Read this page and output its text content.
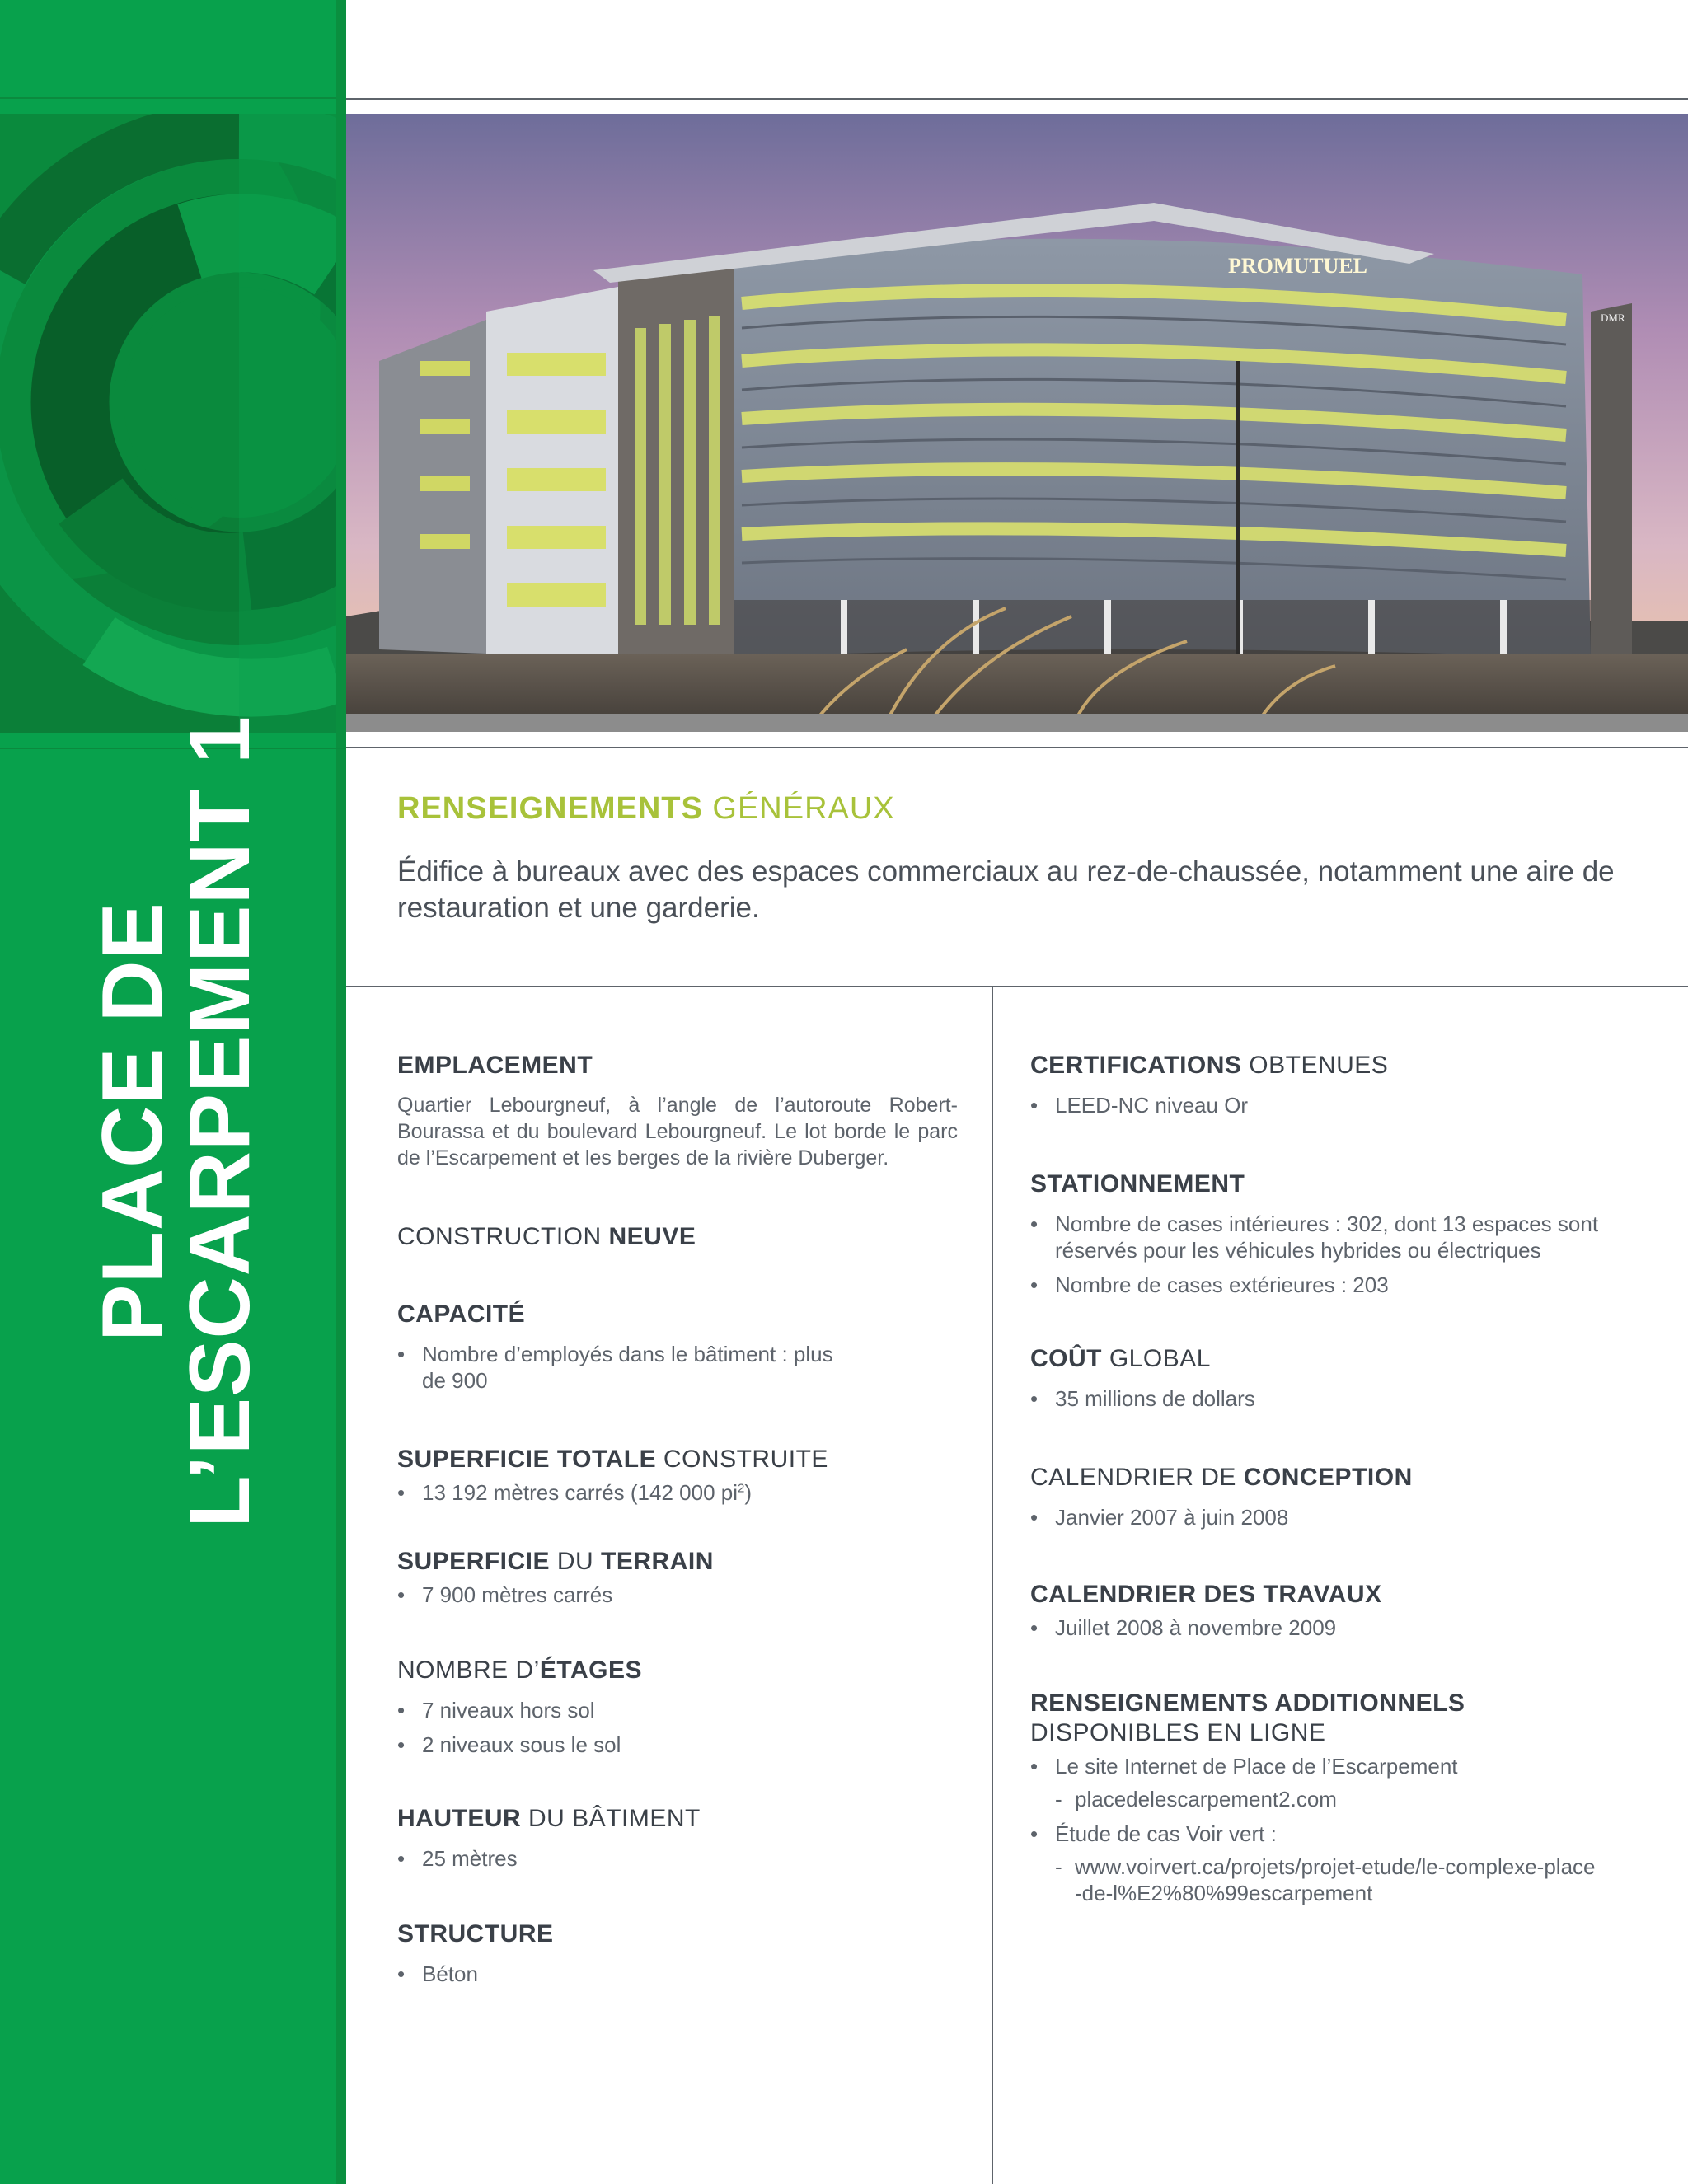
PLACE DE
L’ESCARPEMENT 1
PROMUTUEL
DMR
RENSEIGNEMENTS GÉNÉRAUX
Édifice à bureaux avec des espaces commerciaux au rez-de-chaussée, notamment une aire de restauration et une garderie.
EMPLACEMENT
Quartier Lebourgneuf, à l’angle de l’autoroute Robert-Bourassa et du boulevard Lebourgneuf. Le lot borde le parc de l’Escarpement et les berges de la rivière Duberger.
CONSTRUCTION NEUVE
CAPACITÉ
• Nombre d’employés dans le bâtiment : plus de 900
SUPERFICIE TOTALE CONSTRUITE
• 13 192 mètres carrés (142 000 $pi^2$)
SUPERFICIE DU TERRAIN
• 7 900 mètres carrés
NOMBRE D’ÉTAGES
• 7 niveaux hors sol
• 2 niveaux sous le sol
HAUTEUR DU BÂTIMENT
• 25 mètres
STRUCTURE
• Béton
CERTIFICATIONS OBTENUES
• LEED-NC niveau Or
STATIONNEMENT
• Nombre de cases intérieures : 302, dont 13 espaces sont réservés pour les véhicules hybrides ou électriques
• Nombre de cases extérieures : 203
COÛT GLOBAL
• 35 millions de dollars
CALENDRIER DE CONCEPTION
• Janvier 2007 à juin 2008
CALENDRIER DES TRAVAUX
• Juillet 2008 à novembre 2009
RENSEIGNEMENTS ADDITIONNELS
DISPONIBLES EN LIGNE
• Le site Internet de Place de l’Escarpement
- placedelescarpement2.com
• Étude de cas Voir vert :
- www.voirvert.ca/projets/projet-etude/le-complexe-place-de-l%E2%80%99escarpement
